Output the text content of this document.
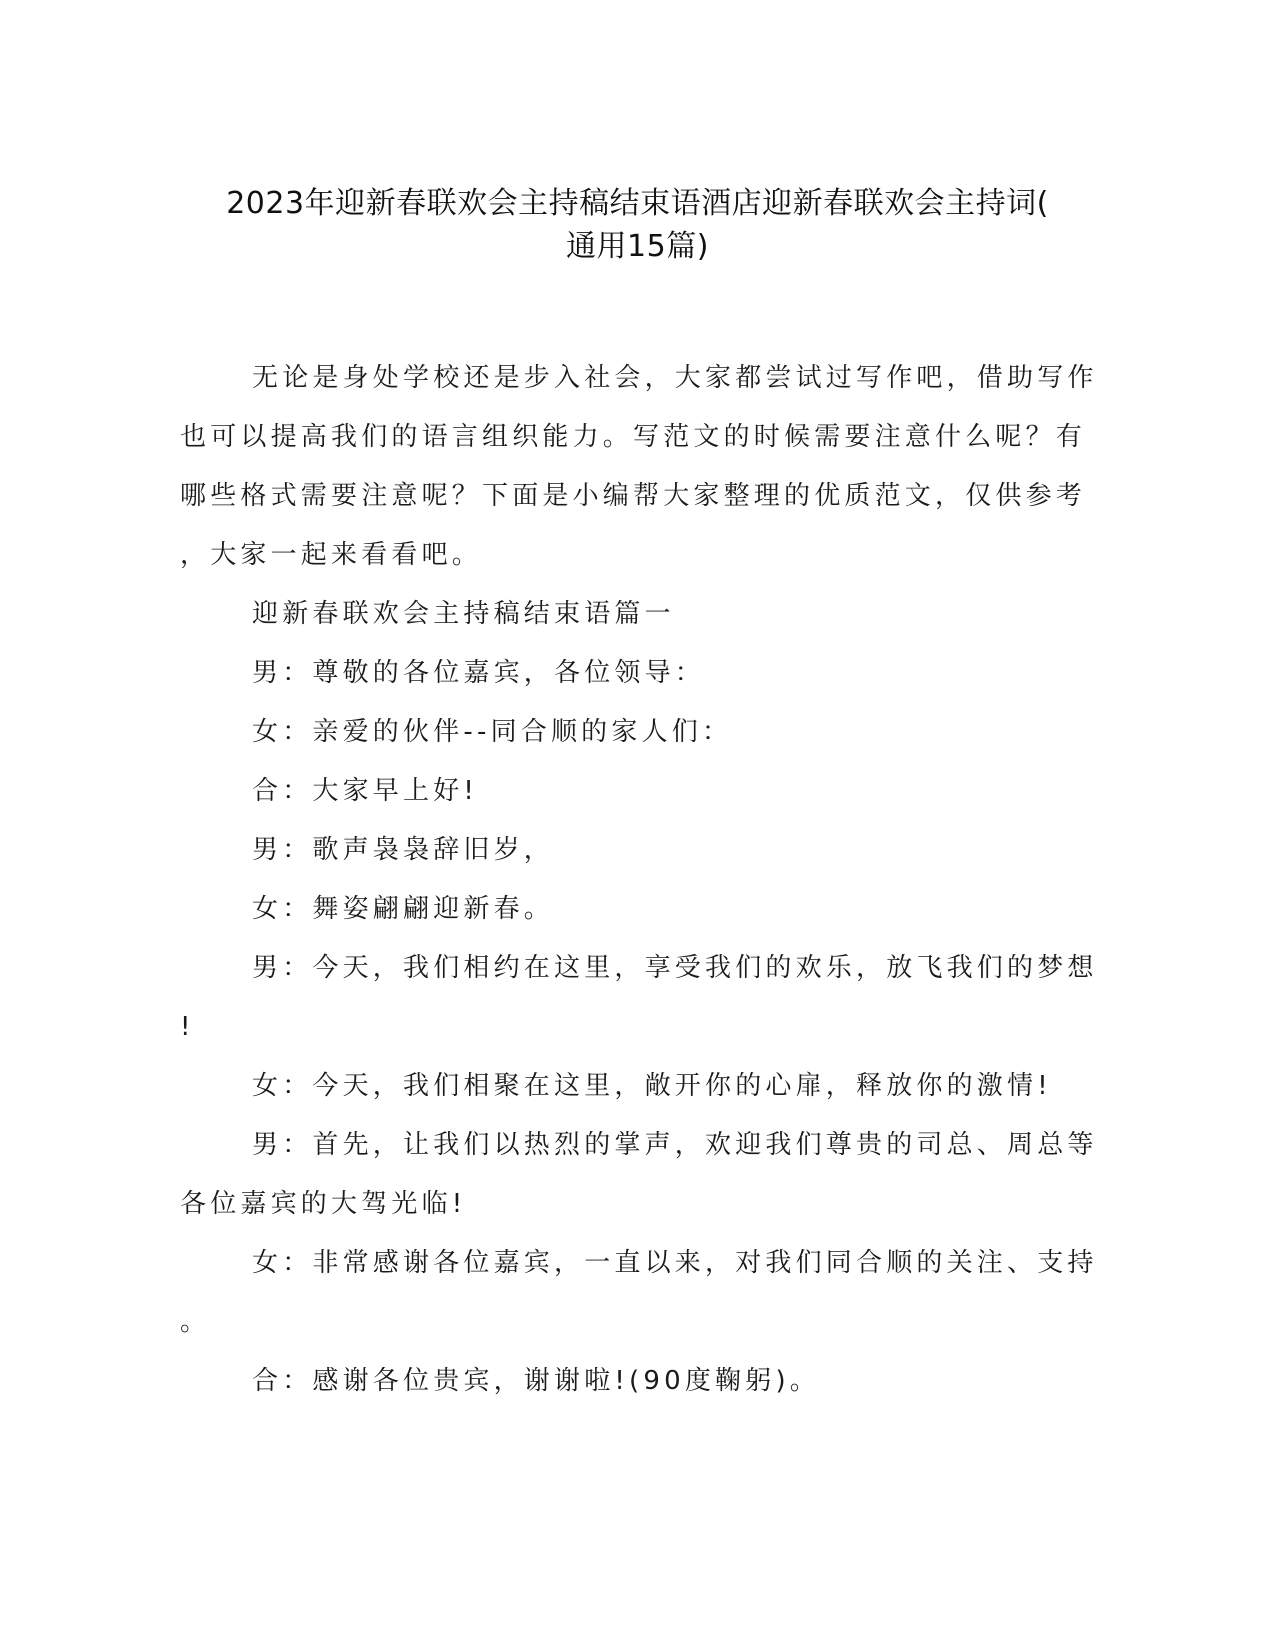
2023年迎新春联欢会主持稿结束语酒店迎新春联欢会主持词(
通用15篇)
无论是身处学校还是步入社会，大家都尝试过写作吧，借助写作
也可以提高我们的语言组织能力。写范文的时候需要注意什么呢？有
哪些格式需要注意呢？下面是小编帮大家整理的优质范文，仅供参考
，大家一起来看看吧。
迎新春联欢会主持稿结束语篇一
男：尊敬的各位嘉宾，各位领导：
女：亲爱的伙伴--同合顺的家人们：
合：大家早上好!
男：歌声袅袅辞旧岁，
女：舞姿翩翩迎新春。
男：今天，我们相约在这里，享受我们的欢乐，放飞我们的梦想
!
女：今天，我们相聚在这里，敞开你的心扉，释放你的激情!
男：首先，让我们以热烈的掌声，欢迎我们尊贵的司总、周总等
各位嘉宾的大驾光临!
女：非常感谢各位嘉宾，一直以来，对我们同合顺的关注、支持
。
合：感谢各位贵宾，谢谢啦!(90度鞠躬)。
